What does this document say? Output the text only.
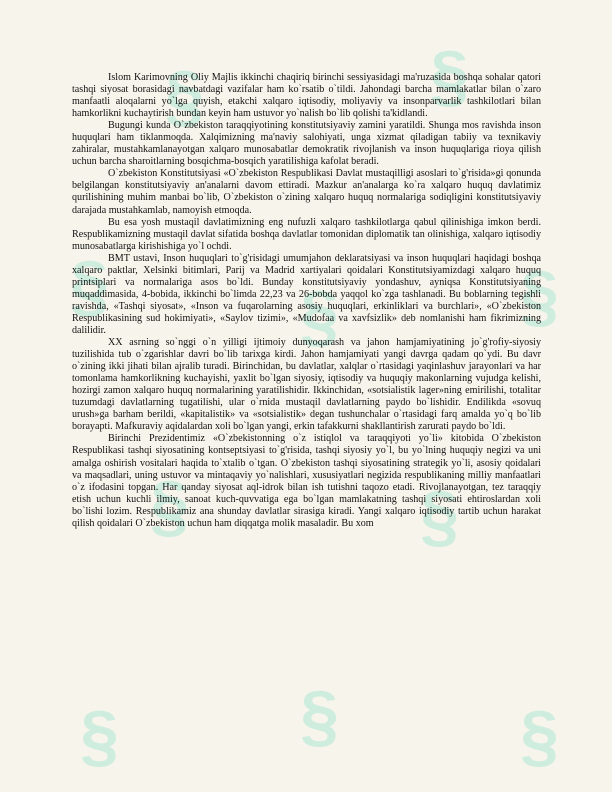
§	§
§	§	§
§	§
§	§	§

Islom Karimovning Oliy Majlis ikkinchi chaqiriq birinchi sessiyasidagi ma'ruzasida boshqa sohalar qatori tashqi siyosat borasidagi navbatdagi vazifalar ham ko`rsatib o`tildi. Jahondagi barcha mamlakatlar bilan o`zaro manfaatli aloqalarni yo`lga quyish, etakchi xalqaro iqtisodiy, moliyaviy va insonparvarlik tashkilotlari bilan hamkorlikni kuchaytirish bundan keyin ham ustuvor yo`nalish bo`lib qolishi ta'kidlandi.

Bugungi kunda O`zbekiston taraqqiyotining konstitutsiyaviy zamini yaratildi. Shunga mos ravishda inson huquqlari ham tiklanmoqda. Xalqimizning ma'naviy salohiyati, unga xizmat qiladigan tabiiy va texnikaviy zahiralar, mustahkamlanayotgan xalqaro munosabatlar demokratik rivojlanish va inson huquqlariga rioya qilish uchun barcha sharoitlarning bosqichma-bosqich yaratilishiga kafolat beradi.

O`zbekiston Konstitutsiyasi «O`zbekiston Respublikasi Davlat mustaqilligi asoslari to`g'risida»gi qonunda belgilangan konstitutsiyaviy an'analarni davom ettiradi. Mazkur an'analarga ko`ra xalqaro huquq davlatimiz qurilishining muhim manbai bo`lib, O`zbekiston o`zining xalqaro huquq normalariga sodiqligini konstitutsiyaviy darajada mustahkamlab, namoyish etmoqda.

Bu esa yosh mustaqil davlatimizning eng nufuzli xalqaro tashkilotlarga qabul qilinishiga imkon berdi. Respublikamizning mustaqil davlat sifatida boshqa davlatlar tomonidan diplomatik tan olinishiga, xalqaro iqtisodiy munosabatlarga kirishishiga yo`l ochdi.

BMT ustavi, Inson huquqlari to`g'risidagi umumjahon deklaratsiyasi va inson huquqlari haqidagi boshqa xalqaro paktlar, Xelsinki bitimlari, Parij va Madrid xartiyalari qoidalari Konstitutsiyamizdagi xalqaro huquq printsiplari va normalariga asos bo`ldi. Bunday konstitutsiyaviy yondashuv, ayniqsa Konstitutsiyaning muqaddimasida, 4-bobida, ikkinchi bo`limda 22,23 va 26-bobda yaqqol ko`zga tashlanadi. Bu boblarning tegishli ravishda, «Tashqi siyosat», «Inson va fuqarolarning asosiy huquqlari, erkinliklari va burchlari», «O`zbekiston Respublikasining sud hokimiyati», «Saylov tizimi», «Mudofaa va xavfsizlik» deb nomlanishi ham fikrimizning dalilidir.

XX asrning so`nggi o`n yilligi ijtimoiy dunyoqarash va jahon hamjamiyatining jo`g'rofiy-siyosiy tuzilishida tub o`zgarishlar davri bo`lib tarixga kirdi. Jahon hamjamiyati yangi davrga qadam qo`ydi. Bu davr o`zining ikki jihati bilan ajralib turadi. Birinchidan, bu davlatlar, xalqlar o`rtasidagi yaqinlashuv jarayonlari va har tomonlama hamkorlikning kuchayishi, yaxlit bo`lgan siyosiy, iqtisodiy va huquqiy makonlarning vujudga kelishi, hozirgi zamon xalqaro huquq normalarining yaratilishidir. Ikkinchidan, «sotsialistik lager»ning emirilishi, totalitar tuzumdagi davlatlarning tugatilishi, ular o`rnida mustaqil davlatlarning paydo bo`lishidir. Endilikda «sovuq urush»ga barham berildi, «kapitalistik» va «sotsialistik» degan tushunchalar o`rtasidagi farq amalda yo`q bo`lib borayapti. Mafkuraviy aqidalardan xoli bo`lgan yangi, erkin tafakkurni shakllantirish zarurati paydo bo`ldi.

Birinchi Prezidentimiz «O`zbekistonning o`z istiqlol va taraqqiyoti yo`li» kitobida O`zbekiston Respublikasi tashqi siyosatining kontseptsiyasi to`g'risida, tashqi siyosiy yo`l, bu yo`lning huquqiy negizi va uni amalga oshirish vositalari haqida to`xtalib o`tgan. O`zbekiston tashqi siyosatining strategik yo`li, asosiy qoidalari va maqsadlari, uning ustuvor va mintaqaviy yo`nalishlari, xususiyatlari negizida respublikaning milliy manfaatlari o`z ifodasini topgan. Har qanday siyosat aql-idrok bilan ish tutishni taqozo etadi. Rivojlanayotgan, tez taraqqiy etish uchun kuchli ilmiy, sanoat kuch-quvvatiga ega bo`lgan mamlakatning tashqi siyosati ehtiroslardan xoli bo`lishi lozim. Respublikamiz ana shunday davlatlar sirasiga kiradi. Yangi xalqaro iqtisodiy tartib uchun harakat qilish qoidalari O`zbekiston uchun ham diqqatga molik masaladir. Bu xom
